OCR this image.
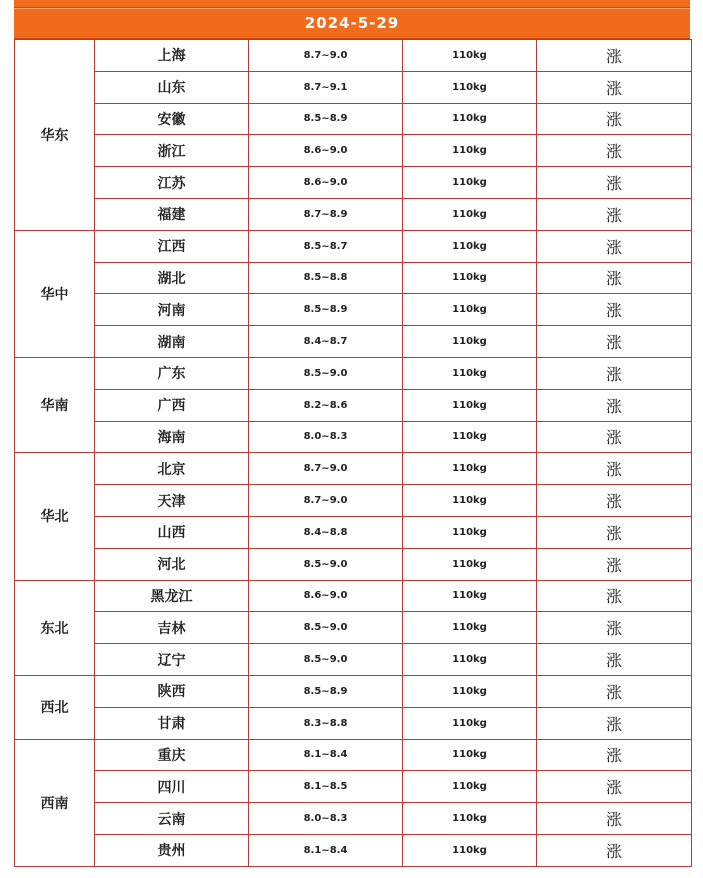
2024-5-29
华东	上海	8.7~9.0	110kg	涨
	山东	8.7~9.1	110kg	涨
	安徽	8.5~8.9	110kg	涨
	浙江	8.6~9.0	110kg	涨
	江苏	8.6~9.0	110kg	涨
	福建	8.7~8.9	110kg	涨
华中	江西	8.5~8.7	110kg	涨
	湖北	8.5~8.8	110kg	涨
	河南	8.5~8.9	110kg	涨
	湖南	8.4~8.7	110kg	涨
华南	广东	8.5~9.0	110kg	涨
	广西	8.2~8.6	110kg	涨
	海南	8.0~8.3	110kg	涨
华北	北京	8.7~9.0	110kg	涨
	天津	8.7~9.0	110kg	涨
	山西	8.4~8.8	110kg	涨
	河北	8.5~9.0	110kg	涨
东北	黑龙江	8.6~9.0	110kg	涨
	吉林	8.5~9.0	110kg	涨
	辽宁	8.5~9.0	110kg	涨
西北	陕西	8.5~8.9	110kg	涨
	甘肃	8.3~8.8	110kg	涨
西南	重庆	8.1~8.4	110kg	涨
	四川	8.1~8.5	110kg	涨
	云南	8.0~8.3	110kg	涨
	贵州	8.1~8.4	110kg	涨
